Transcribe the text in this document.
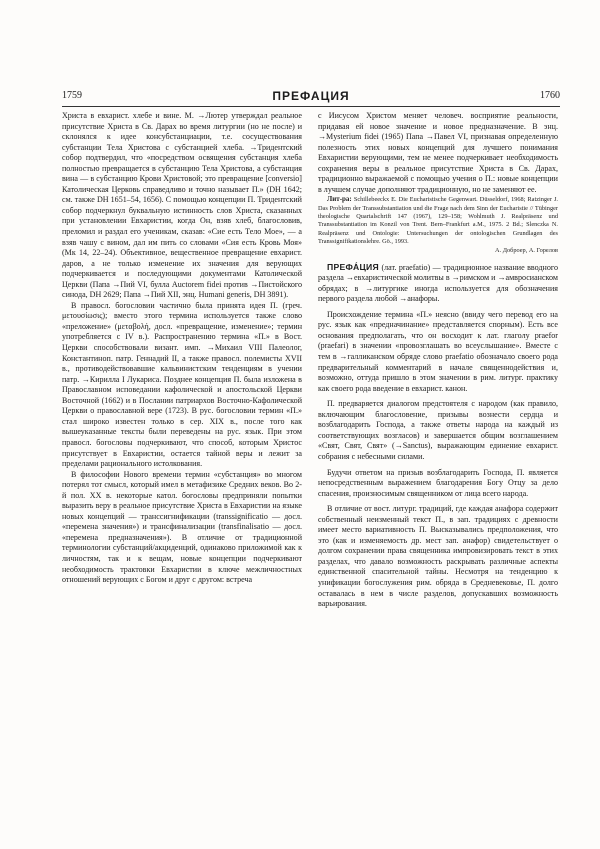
1759	ПРЕФАЦИЯ	1760

Христа в евхарист. хлебе и вине. М. →Лютер утверждал реальное присутствие Христа в Св. Дарах во время литургии (но не после) и склонялся к идее консубстанциации, т.е. сосуществования субстанции Тела Христова с субстанцией хлеба. →Тридентский собор подтвердил, что «посредством освящения субстанция хлеба полностью превращается в субстанцию Тела Христова, а субстанция вина — в субстанцию Крови Христовой; это превращение [conversio] Католическая Церковь справедливо и точно называет П.» (DH 1642; см. также DH 1651–54, 1656). С помощью концепции П. Тридентский собор подчеркнул буквальную истинность слов Христа, сказанных при установлении Евхаристии, когда Он, взяв хлеб, благословив, преломил и раздал его ученикам, сказав: «Сие есть Тело Мое», — а взяв чашу с вином, дал им пить со словами «Сия есть Кровь Моя» (Мк 14, 22–24). Объективное, вещественное превращение евхарист. даров, а не только изменение их значения для верующих подчеркивается и последующими документами Католической Церкви (Папа →Пий VI, булла Auctorem fidei против →Пистойского синода, DH 2629; Папа →Пий XII, энц. Humani generis, DH 3891).

В правосл. богословии частично была принята идея П. (греч. μετουσίωσις); вместо этого термина используется также слово «преложение» (μεταβολή, досл. «превращение, изменение»; термин употребляется с IV в.). Распространению термина «П.» в Вост. Церкви способствовали визант. имп. →Михаил VIII Палеолог, Константиноп. патр. Геннадий II, а также правосл. полемисты XVII в., противодействовавшие кальвинистским тенденциям в учении патр. →Кирилла I Лукариса. Позднее концепция П. была изложена в Православном исповедании кафолической и апостольской Церкви Восточной (1662) и в Послании патриархов Восточно-Кафолической Церкви о православной вере (1723). В рус. богословии термин «П.» стал широко известен только в сер. XIX в., после того как вышеуказанные тексты были переведены на рус. язык. При этом правосл. богословы подчеркивают, что способ, которым Христос присутствует в Евхаристии, остается тайной веры и лежит за пределами рационального истолкования.

В философии Нового времени термин «субстанция» во многом потерял тот смысл, который имел в метафизике Средних веков. Во 2-й пол. XX в. некоторые катол. богословы предприняли попытки выразить веру в реальное присутствие Христа в Евхаристии на языке новых концепций — транссигнификации (transsignificatio — досл. «перемена значения») и трансфинализации (transfinalisatio — досл. «перемена предназначения»). В отличие от традиционной терминологии субстанций/акциденций, одинаково приложимой как к личностям, так и к вещам, новые концепции подчеркивают необходимость трактовки Евхаристии в ключе межличностных отношений верующих с Богом и друг с другом: встреча

с Иисусом Христом меняет человеч. восприятие реальности, придавая ей новое значение и новое предназначение. В энц. →Mysterium fidei (1965) Папа →Павел VI, признавая определенную полезность этих новых концепций для лучшего понимания Евхаристии верующими, тем не менее подчеркивает необходимость сохранения веры в реальное присутствие Христа в Св. Дарах, традиционно выражаемой с помощью учения о П.: новые концепции в лучшем случае дополняют традиционную, но не заменяют ее.

Лит-ра: Schillebeeckx E. Die Eucharistische Gegenwart. Düsseldorf, 1968; Ratzinger J. Das Problem der Transsubstantiation und die Frage nach dem Sinn der Eucharistie // Tübinger theologische Quartalschrift 147 (1967), 129–158; Wohlmuth J. Realpräsenz und Transsubstantiation im Konzil von Trent. Bern–Frankfurt a.M., 1975. 2 Bd.; Slenczka N. Realpräsenz und Ontologie: Untersuchungen der ontologischen Grundlagen des Transsignifikationslehre. Gö., 1993.

А. Доброер, А. Горелов

ПРЕФА́ЦИЯ (лат. praefatio) — традиционное название вводного раздела →евхаристической молитвы в →римском и →амвросианском обрядах; в →литургике иногда используется для обозначения первого раздела любой →анафоры.

Происхождение термина «П.» неясно (ввиду чего перевод его на рус. язык как «предначинание» представляется спорным). Есть все основания предполагать, что он восходит к лат. глаголу praefor (praefari) в значении «провозглашать во всеуслышание». Вместе с тем в →галликанском обряде слово praefatio обозначало своего рода предварительный комментарий в начале священнодействия и, возможно, оттуда пришло в этом значении в рим. литург. практику как своего рода введение в евхарист. канон.

П. предваряется диалогом предстоятеля с народом (как правило, включающим благословение, призывы вознести сердца и возблагодарить Господа, а также ответы народа на каждый из соответствующих возгласов) и завершается общим возглашением «Свят, Свят, Свят» (→Sanctus), выражающим единение евхарист. собрания с небесными силами.

Будучи ответом на призыв возблагодарить Господа, П. является непосредственным выражением благодарения Богу Отцу за дело спасения, произносимым священником от лица всего народа.

В отличие от вост. литург. традиций, где каждая анафора содержит собственный неизменный текст П., в зап. традициях с древности имеет место вариативность П. Высказывались предположения, что это (как и изменяемость др. мест зап. анафор) свидетельствует о долгом сохранении права священника импровизировать текст в этих разделах, что давало возможность раскрывать различные аспекты единственной спасительной тайны. Несмотря на тенденцию к унификации богослужения рим. обряда в Средневековье, П. долго оставалась в нем в числе разделов, допускавших возможность варьирования.
